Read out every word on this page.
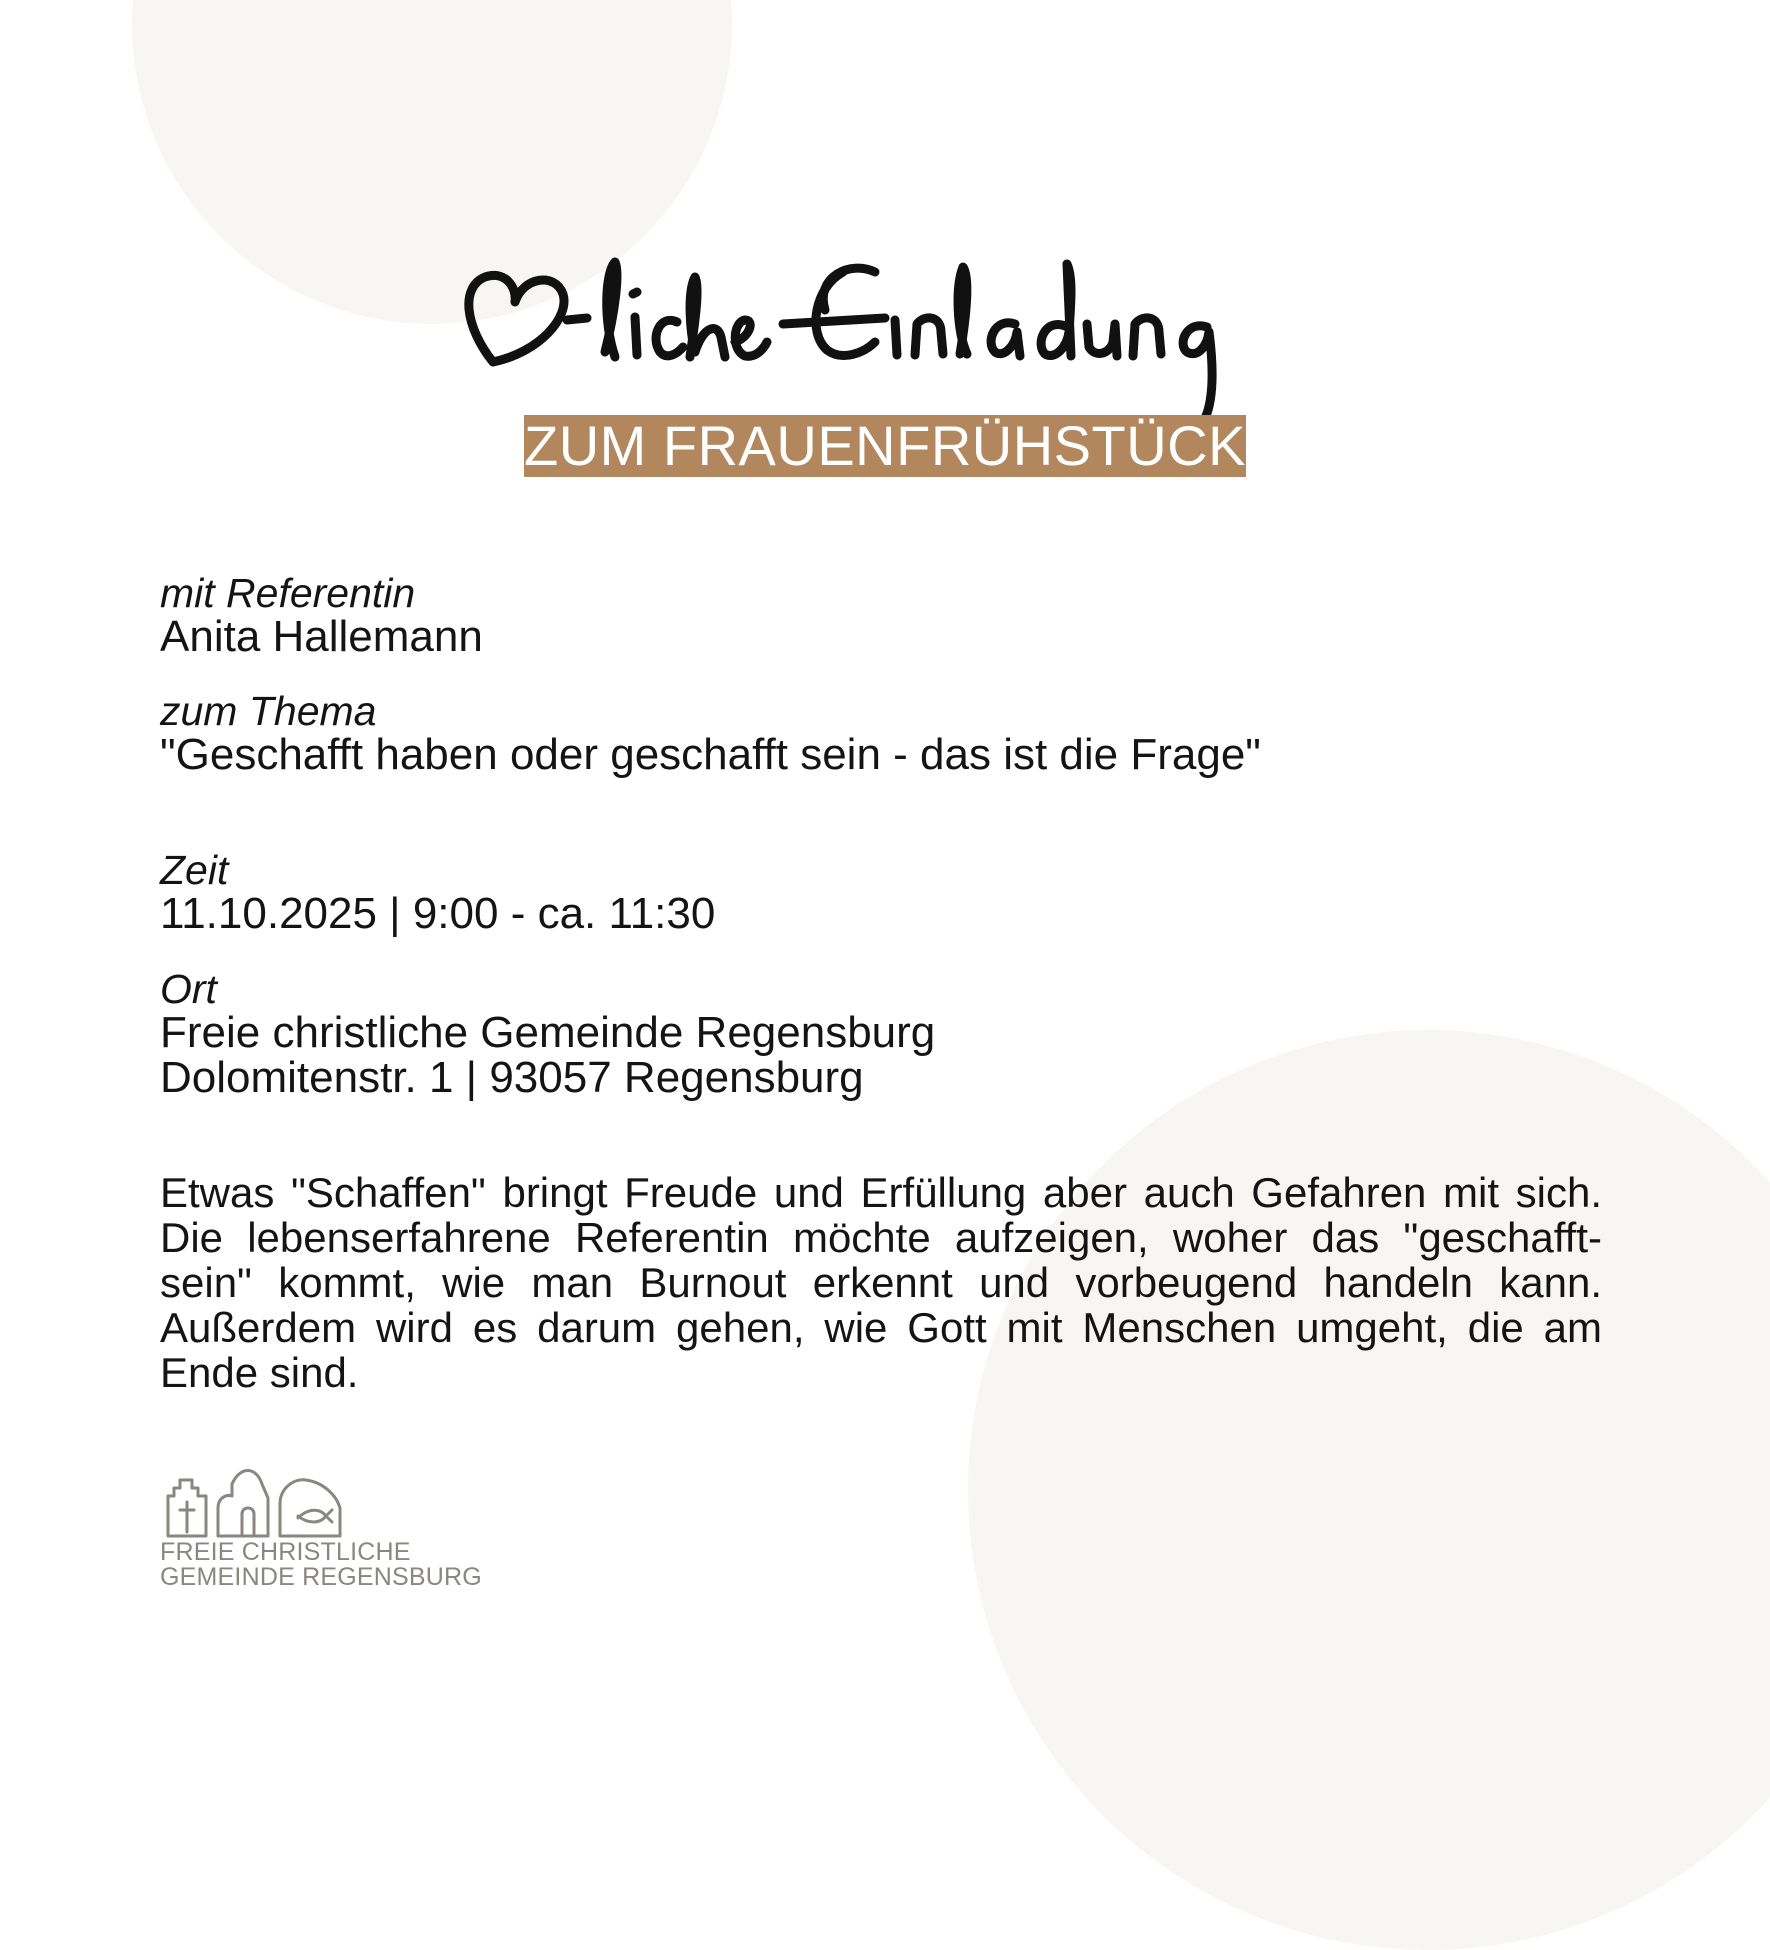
ZUM FRAUENFRÜHSTÜCK
mit Referentin
Anita Hallemann
zum Thema
"Geschafft haben oder geschafft sein - das ist die Frage"
Zeit
11.10.2025 | 9:00 - ca. 11:30
Ort
Freie christliche Gemeinde Regensburg
Dolomitenstr. 1 | 93057 Regensburg
Etwas "Schaffen" bringt Freude und Erfüllung aber auch Gefahren mit sich. Die lebenserfahrene Referentin möchte aufzeigen, woher das "geschafft-sein" kommt, wie man Burnout erkennt und vorbeugend handeln kann. Außerdem wird es darum gehen, wie Gott mit Menschen umgeht, die am Ende sind.
FREIE CHRISTLICHE
GEMEINDE REGENSBURG
